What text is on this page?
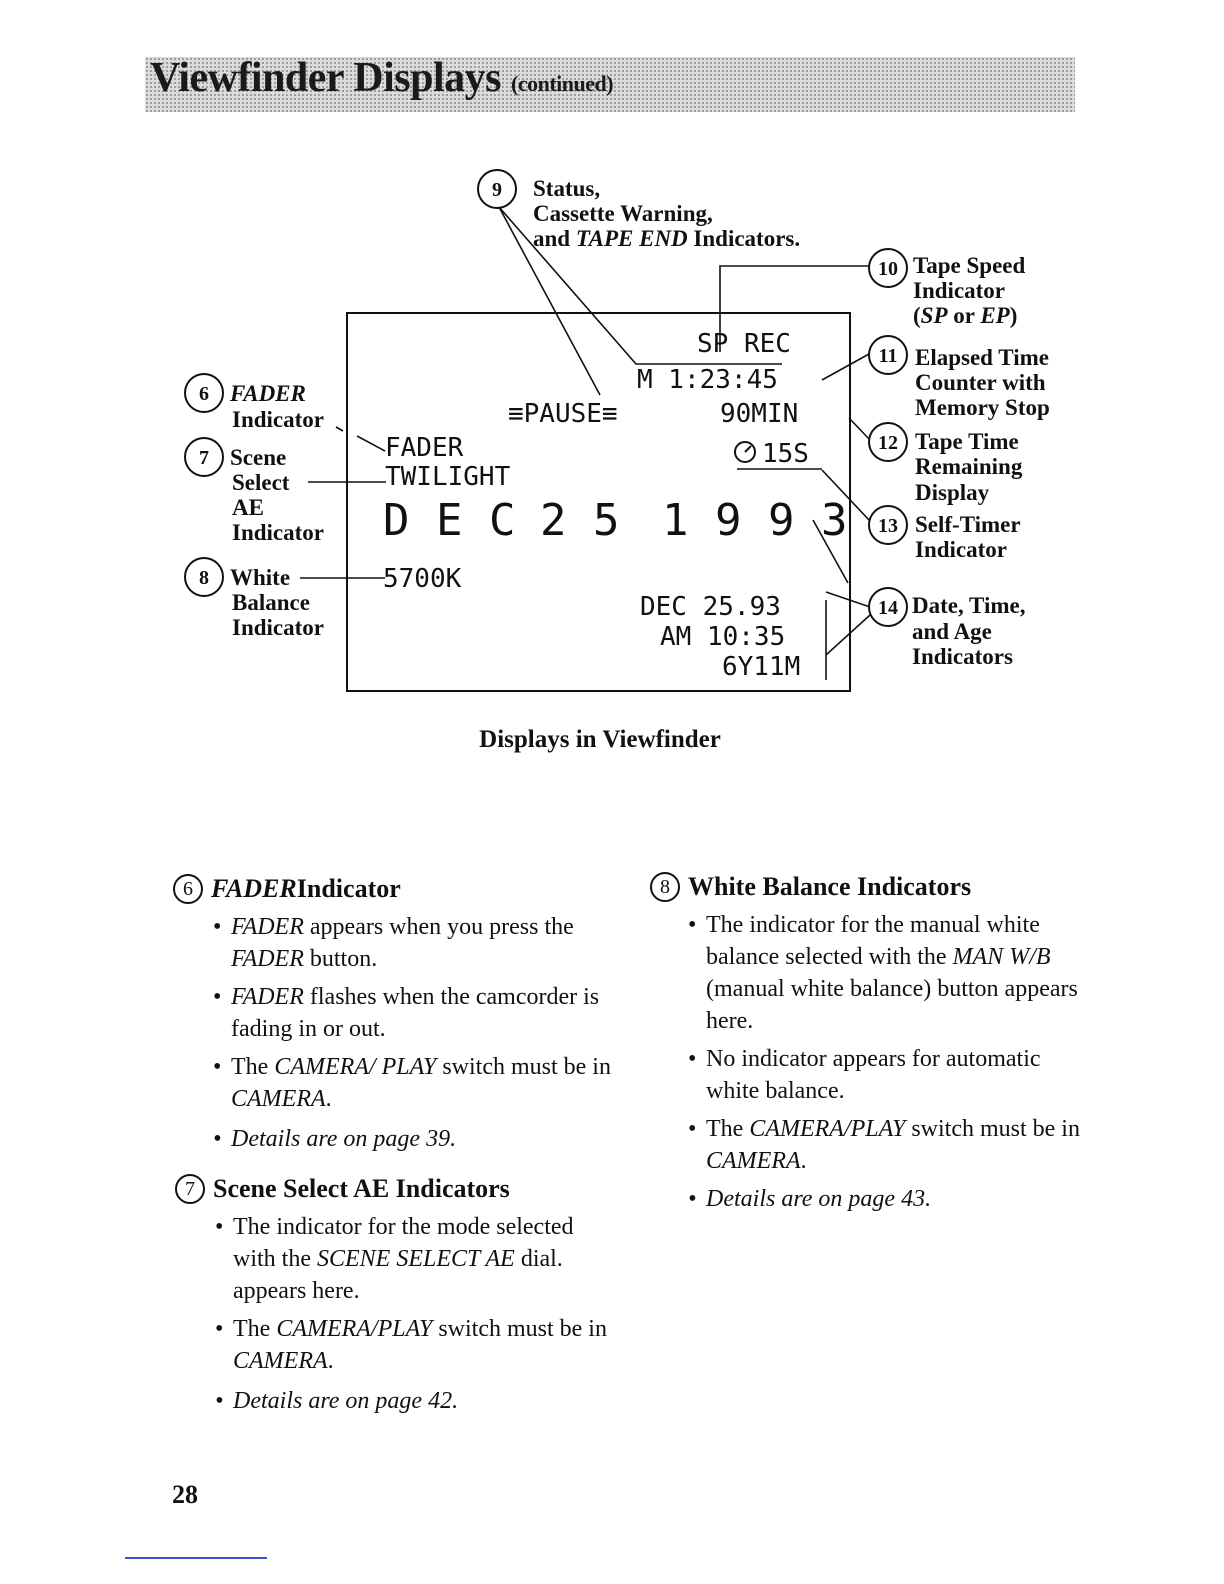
Viewfinder Displays (continued)
SP REC
M 1:23:45
≡PAUSE≡	90MIN
15S
FADER
TWILIGHT
D E C 2 5 1 9 9 3
5700K
DEC 25.93
AM 10:35
6Y11M
9 Status,
Cassette Warning,
and TAPE END Indicators.
10 Tape Speed
Indicator
(SP or EP)
11 Elapsed Time
Counter with
Memory Stop
12 Tape Time
Remaining
Display
13 Self-Timer
Indicator
14 Date, Time,
and Age
Indicators
6 FADER
Indicator
7 Scene
Select
AE
Indicator
8 White
Balance
Indicator
Displays in Viewfinder
6 FADER Indicator
• FADER appears when you press the FADER button.
• FADER flashes when the camcorder is fading in or out.
• The CAMERA/ PLAY switch must be in CAMERA.
• Details are on page 39.
7 Scene Select AE Indicators
• The indicator for the mode selected with the SCENE SELECT AE dial. appears here.
• The CAMERA/PLAY switch must be in CAMERA.
• Details are on page 42.
8 White Balance Indicators
• The indicator for the manual white balance selected with the MAN W/B (manual white balance) button appears here.
• No indicator appears for automatic white balance.
• The CAMERA/PLAY switch must be in CAMERA.
• Details are on page 43.
28
